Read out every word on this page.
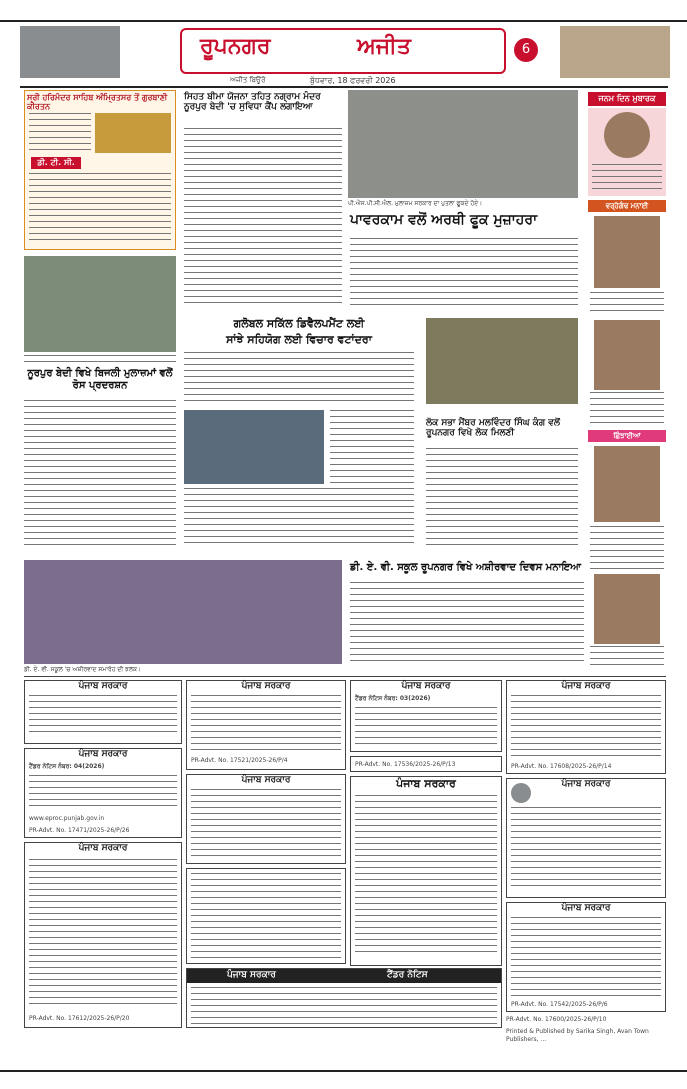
ਰੂਪਨਗਰ	ਅਜੀਤ	6
ਅਜੀਤ ਬਿਊਰੋ	ਬੁੱਧਵਾਰ, 18 ਫਰਵਰੀ 2026
ਸ੍ਰੀ ਹਰਿਮੰਦਰ ਸਾਹਿਬ ਅੰਮ੍ਰਿਤਸਰ ਤੋਂ ਗੁਰਬਾਣੀ ਕੀਰਤਨ
ਡੀ. ਟੀ. ਸੀ.
ਨੂਰਪੁਰ ਬੇਦੀ ਵਿਖੇ ਬਿਜਲੀ ਮੁਲਾਜ਼ਮਾਂ ਵਲੋਂ ਰੋਸ ਪ੍ਰਦਰਸ਼ਨ
ਸਿਹਤ ਬੀਮਾ ਯੋਜਨਾ ਤਹਿਤ ਨਗ੍ਰਾਮ ਮੰਦਰ ਨੂਰਪੁਰ ਬੇਦੀ 'ਚ ਸੁਵਿਧਾ ਕੈਂਪ ਲਗਾਇਆ
ਪੀ.ਐਸ.ਪੀ.ਸੀ.ਐਲ. ਮੁਲਾਜ਼ਮ ਸਰਕਾਰ ਦਾ ਪੁਤਲਾ ਫੂਕਦੇ ਹੋਏ।
ਪਾਵਰਕਾਮ ਵਲੋਂ ਅਰਥੀ ਫੂਕ ਮੁਜ਼ਾਹਰਾ
ਗਲੋਬਲ ਸਕਿੱਲ ਡਿਵੈਲਪਮੈਂਟ ਲਈ
ਸਾਂਝੇ ਸਹਿਯੋਗ ਲਈ ਵਿਚਾਰ ਵਟਾਂਦਰਾ
ਲੋਕ ਸਭਾ ਮੈਂਬਰ ਮਲਵਿੰਦਰ ਸਿੰਘ ਕੰਗ ਵਲੋਂ ਰੂਪਨਗਰ ਵਿਖੇ ਲੋਕ ਮਿਲਣੀ
ਜਨਮ ਦਿਨ ਮੁਬਾਰਕ
ਵਰ੍ਹੇਗੰਢ ਮਨਾਈ
ਛਿੰਝਾਈਆਂ
ਡੀ. ਏ. ਵੀ. ਸਕੂਲ 'ਚ ਅਸ਼ੀਰਵਾਦ ਸਮਾਰੋਹ ਦੀ ਝਲਕ।
ਡੀ. ਏ. ਵੀ. ਸਕੂਲ ਰੂਪਨਗਰ ਵਿਖੇ ਅਸ਼ੀਰਵਾਦ ਦਿਵਸ ਮਨਾਇਆ
ਪੰਜਾਬ ਸਰਕਾਰ	ਪੰਜਾਬ ਸਰਕਾਰ
PR-Advt. No. 17521/2025-26/P/4
ਪੰਜਾਬ ਸਰਕਾਰ
ਟੈਂਡਰ ਨੋਟਿਸ ਨੰਬਰ: 03(2026)
ਪੰਜਾਬ ਸਰਕਾਰ
PR-Advt. No. 17608/2025-26/P/14
ਪੰਜਾਬ ਸਰਕਾਰ
ਟੈਂਡਰ ਨੋਟਿਸ ਨੰਬਰ: 04(2026)
www.eproc.punjab.gov.in
PR-Advt. No. 17471/2025-26/P/26
ਪੰਜਾਬ ਸਰਕਾਰ
PR-Advt. No. 17536/2025-26/P/13
ਪੰਜਾਬ ਸਰਕਾਰ	ਪੰਜਾਬ ਸਰਕਾਰ
ਪੰਜਾਬ ਸਰਕਾਰ
PR-Advt. No. 17612/2025-26/P/20
ਪੰਜਾਬ ਸਰਕਾਰ
PR-Advt. No. 17542/2025-26/P/6
ਪੰਜਾਬ ਸਰਕਾਰ	ਟੈਂਡਰ ਨੋਟਿਸ
PR-Advt. No. 17600/2025-26/P/10
Printed & Published by Sarika Singh, Avan Town Publishers, ...
